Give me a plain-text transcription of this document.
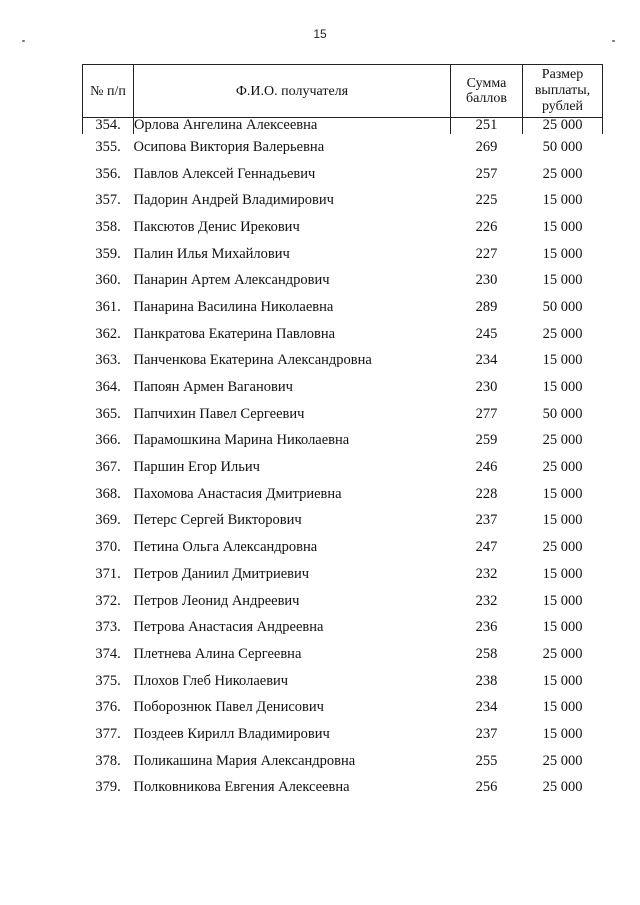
15
№ п/п	Ф.И.О. получателя	Сумма баллов	Размер выплаты, рублей
354.	Орлова Ангелина Алексеевна	251	25 000
355.	Осипова Виктория Валерьевна	269	50 000
356.	Павлов Алексей Геннадьевич	257	25 000
357.	Падорин Андрей Владимирович	225	15 000
358.	Паксютов Денис Ирекович	226	15 000
359.	Палин Илья Михайлович	227	15 000
360.	Панарин Артем Александрович	230	15 000
361.	Панарина Василина Николаевна	289	50 000
362.	Панкратова Екатерина Павловна	245	25 000
363.	Панченкова Екатерина Александровна	234	15 000
364.	Папоян Армен Ваганович	230	15 000
365.	Папчихин Павел Сергеевич	277	50 000
366.	Парамошкина Марина Николаевна	259	25 000
367.	Паршин Егор Ильич	246	25 000
368.	Пахомова Анастасия Дмитриевна	228	15 000
369.	Петерс Сергей Викторович	237	15 000
370.	Петина Ольга Александровна	247	25 000
371.	Петров Даниил Дмитриевич	232	15 000
372.	Петров Леонид Андреевич	232	15 000
373.	Петрова Анастасия Андреевна	236	15 000
374.	Плетнева Алина Сергеевна	258	25 000
375.	Плохов Глеб Николаевич	238	15 000
376.	Поборознюк Павел Денисович	234	15 000
377.	Поздеев Кирилл Владимирович	237	15 000
378.	Поликашина Мария Александровна	255	25 000
379.	Полковникова Евгения Алексеевна	256	25 000
